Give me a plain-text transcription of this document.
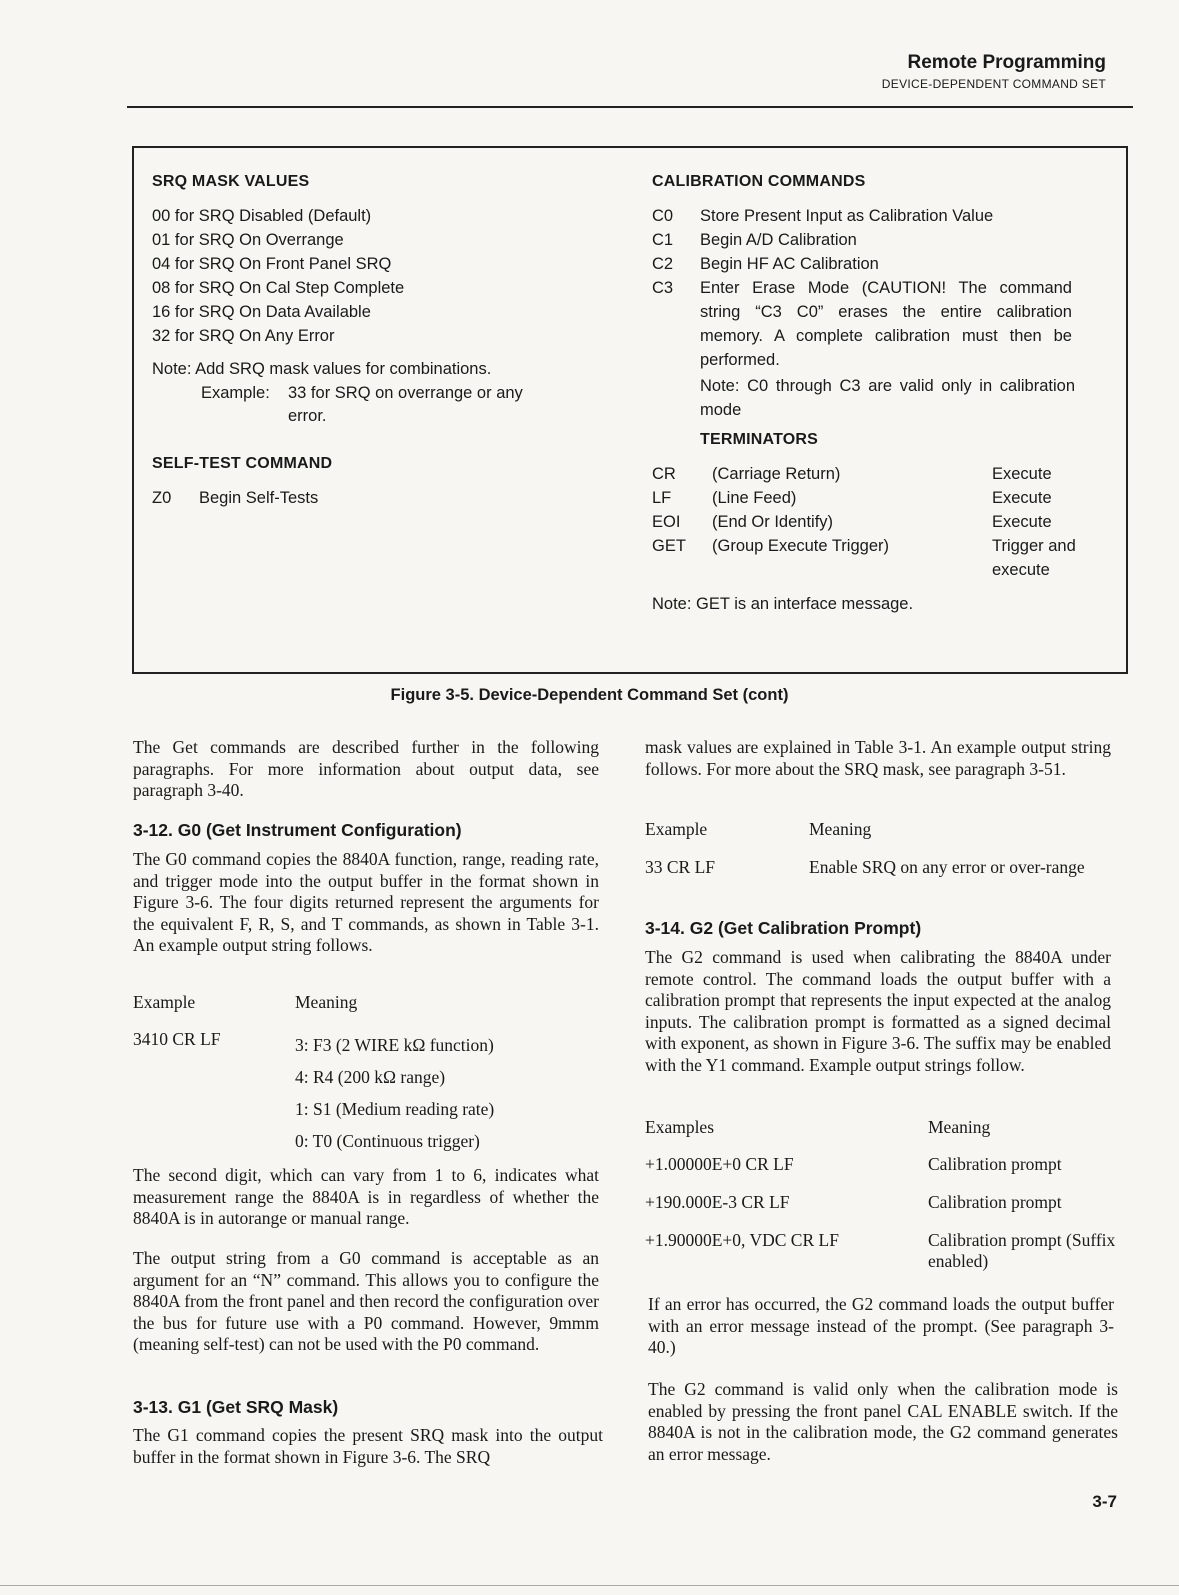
Remote Programming
DEVICE-DEPENDENT COMMAND SET
SRQ MASK VALUES
00 for SRQ Disabled (Default)
01 for SRQ On Overrange
04 for SRQ On Front Panel SRQ
08 for SRQ On Cal Step Complete
16 for SRQ On Data Available
32 for SRQ On Any Error
Note: Add SRQ mask values for combinations.
Example: 33 for SRQ on overrange or any
error.
SELF-TEST COMMAND
Z0 Begin Self-Tests
CALIBRATION COMMANDS
C0	Store Present Input as Calibration Value
C1	Begin A/D Calibration
C2	Begin HF AC Calibration
C3	Enter Erase Mode (CAUTION! The command string “C3 C0” erases the entire calibration memory. A complete calibration must then be performed.
Note: C0 through C3 are valid only in calibration mode
TERMINATORS
CR	(Carriage Return)	Execute
LF	(Line Feed)	Execute
EOI	(End Or Identify)	Execute
GET	(Group Execute Trigger)	Trigger and execute
Note: GET is an interface message.
Figure 3-5. Device-Dependent Command Set (cont)
The Get commands are described further in the following paragraphs. For more information about output data, see paragraph 3-40.
3-12. G0 (Get Instrument Configuration)
The G0 command copies the 8840A function, range, reading rate, and trigger mode into the output buffer in the format shown in Figure 3-6. The four digits returned represent the arguments for the equivalent F, R, S, and T commands, as shown in Table 3-1. An example output string follows.
Example	Meaning
3410 CR LF	3: F3 (2 WIRE kΩ function)
4: R4 (200 kΩ range)
1: S1 (Medium reading rate)
0: T0 (Continuous trigger)
The second digit, which can vary from 1 to 6, indicates what measurement range the 8840A is in regardless of whether the 8840A is in autorange or manual range.
The output string from a G0 command is acceptable as an argument for an “N” command. This allows you to configure the 8840A from the front panel and then record the configuration over the bus for future use with a P0 command. However, 9mmm (meaning self-test) can not be used with the P0 command.
3-13. G1 (Get SRQ Mask)
The G1 command copies the present SRQ mask into the output buffer in the format shown in Figure 3-6. The SRQ
mask values are explained in Table 3-1. An example output string follows. For more about the SRQ mask, see paragraph 3-51.
Example	Meaning
33 CR LF	Enable SRQ on any error or over-range
3-14. G2 (Get Calibration Prompt)
The G2 command is used when calibrating the 8840A under remote control. The command loads the output buffer with a calibration prompt that represents the input expected at the analog inputs. The calibration prompt is formatted as a signed decimal with exponent, as shown in Figure 3-6. The suffix may be enabled with the Y1 command. Example output strings follow.
Examples	Meaning
+1.00000E+0 CR LF	Calibration prompt
+190.000E-3 CR LF	Calibration prompt
+1.90000E+0, VDC CR LF	Calibration prompt (Suffix enabled)
If an error has occurred, the G2 command loads the output buffer with an error message instead of the prompt. (See paragraph 3-40.)
The G2 command is valid only when the calibration mode is enabled by pressing the front panel CAL ENABLE switch. If the 8840A is not in the calibration mode, the G2 command generates an error message.
3-7
